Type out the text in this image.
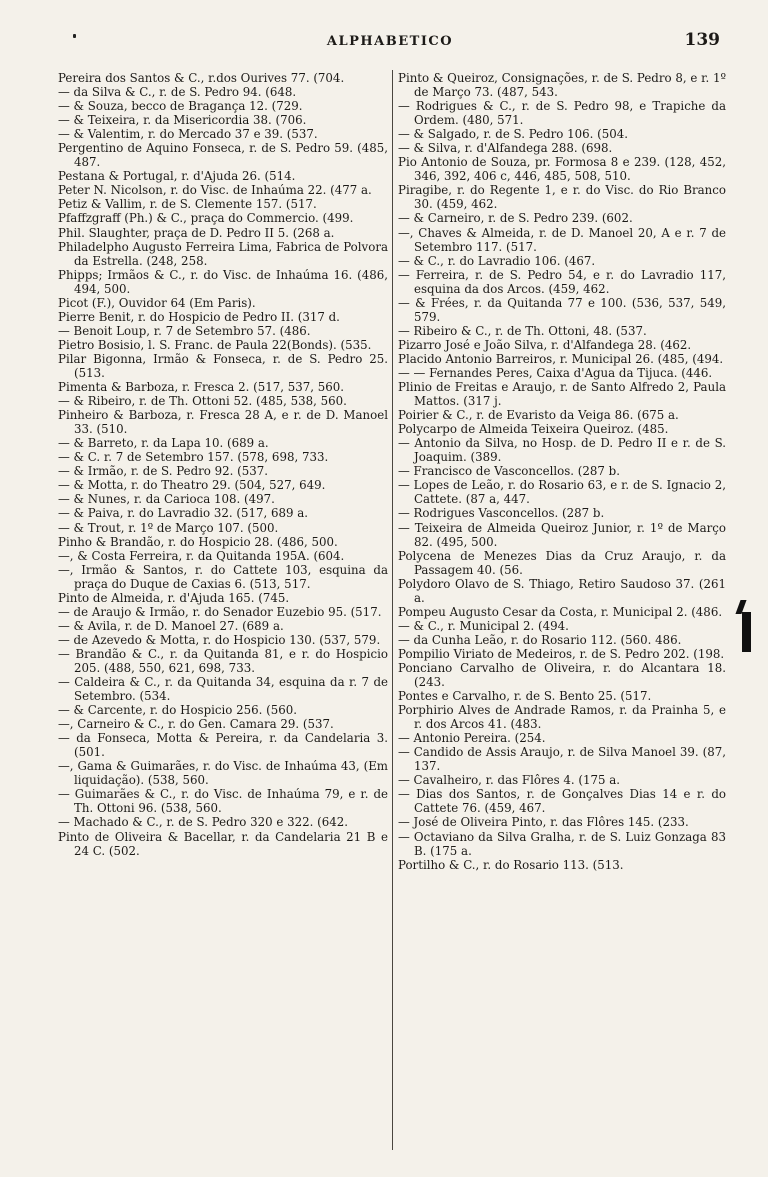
ALPHABETICO	139

Pereira dos Santos & C., r.dos Ourives 77. (704.

— da Silva & C., r. de S. Pedro 94. (648.

— & Souza, becco de Bragança 12. (729.

— & Teixeira, r. da Misericordia 38. (706.

— & Valentim, r. do Mercado 37 e 39. (537.

Pergentino de Aquino Fonseca, r. de S. Pedro 59. (485, 487.

Pestana & Portugal, r. d'Ajuda 26. (514.

Peter N. Nicolson, r. do Visc. de Inhaúma 22. (477 a.

Petiz & Vallim, r. de S. Clemente 157. (517.

Pfaffzgraff (Ph.) & C., praça do Commercio. (499.

Phil. Slaughter, praça de D. Pedro II 5. (268 a.

Philadelpho Augusto Ferreira Lima, Fabrica de Polvora da Estrella. (248, 258.

Phipps; Irmãos & C., r. do Visc. de Inhaúma 16. (486, 494, 500.

Picot (F.), Ouvidor 64 (Em Paris).

Pierre Benit, r. do Hospicio de Pedro II. (317 d.

— Benoit Loup, r. 7 de Setembro 57. (486.

Pietro Bosisio, l. S. Franc. de Paula 22(Bonds). (535.

Pilar Bigonna, Irmão & Fonseca, r. de S. Pedro 25. (513.

Pimenta & Barboza, r. Fresca 2. (517, 537, 560.

— & Ribeiro, r. de Th. Ottoni 52. (485, 538, 560.

Pinheiro & Barboza, r. Fresca 28 A, e r. de D. Manoel 33. (510.

— & Barreto, r. da Lapa 10. (689 a.

— & C. r. 7 de Setembro 157. (578, 698, 733.

— & Irmão, r. de S. Pedro 92. (537.

— & Motta, r. do Theatro 29. (504, 527, 649.

— & Nunes, r. da Carioca 108. (497.

— & Paiva, r. do Lavradio 32. (517, 689 a.

— & Trout, r. 1º de Março 107. (500.

Pinho & Brandão, r. do Hospicio 28. (486, 500.

—, & Costa Ferreira, r. da Quitanda 195A. (604.

—, Irmão & Santos, r. do Cattete 103, esquina da praça do Duque de Caxias 6. (513, 517.

Pinto de Almeida, r. d'Ajuda 165. (745.

— de Araujo & Irmão, r. do Senador Euzebio 95. (517.

— & Avila, r. de D. Manoel 27. (689 a.

— de Azevedo & Motta, r. do Hospicio 130. (537, 579.

— Brandão & C., r. da Quitanda 81, e r. do Hospicio 205. (488, 550, 621, 698, 733.

— Caldeira & C., r. da Quitanda 34, esquina da r. 7 de Setembro. (534.

— & Carcente, r. do Hospicio 256. (560.

—, Carneiro & C., r. do Gen. Camara 29. (537.

— da Fonseca, Motta & Pereira, r. da Candelaria 3. (501.

—, Gama & Guimarães, r. do Visc. de Inhaúma 43, (Em liquidação). (538, 560.

— Guimarães & C., r. do Visc. de Inhaúma 79, e r. de Th. Ottoni 96. (538, 560.

— Machado & C., r. de S. Pedro 320 e 322. (642.

Pinto de Oliveira & Bacellar, r. da Candelaria 21 B e 24 C. (502.

Pinto & Queiroz, Consignações, r. de S. Pedro 8, e r. 1º de Março 73. (487, 543.

— Rodrigues & C., r. de S. Pedro 98, e Trapiche da Ordem. (480, 571.

— & Salgado, r. de S. Pedro 106. (504.

— & Silva, r. d'Alfandega 288. (698.

Pio Antonio de Souza, pr. Formosa 8 e 239. (128, 452, 346, 392, 406 c, 446, 485, 508, 510.

Piragibe, r. do Regente 1, e r. do Visc. do Rio Branco 30. (459, 462.

— & Carneiro, r. de S. Pedro 239. (602.

—, Chaves & Almeida, r. de D. Manoel 20, A e r. 7 de Setembro 117. (517.

— & C., r. do Lavradio 106. (467.

— Ferreira, r. de S. Pedro 54, e r. do Lavradio 117, esquina da dos Arcos. (459, 462.

— & Frées, r. da Quitanda 77 e 100. (536, 537, 549, 579.

— Ribeiro & C., r. de Th. Ottoni, 48. (537.

Pizarro José e João Silva, r. d'Alfandega 28. (462.

Placido Antonio Barreiros, r. Municipal 26. (485, (494.

— — Fernandes Peres, Caixa d'Agua da Tijuca. (446.

Plinio de Freitas e Araujo, r. de Santo Alfredo 2, Paula Mattos. (317 j.

Poirier & C., r. de Evaristo da Veiga 86. (675 a.

Polycarpo de Almeida Teixeira Queiroz. (485.

— Antonio da Silva, no Hosp. de D. Pedro II e r. de S. Joaquim. (389.

— Francisco de Vasconcellos. (287 b.

— Lopes de Leão, r. do Rosario 63, e r. de S. Ignacio 2, Cattete. (87 a, 447.

— Rodrigues Vasconcellos. (287 b.

— Teixeira de Almeida Queiroz Junior, r. 1º de Março 82. (495, 500.

Polycena de Menezes Dias da Cruz Araujo, r. da Passagem 40. (56.

Polydoro Olavo de S. Thiago, Retiro Saudoso 37. (261 a.

Pompeu Augusto Cesar da Costa, r. Municipal 2. (486.

— & C., r. Municipal 2. (494.

— da Cunha Leão, r. do Rosario 112. (560. 486.

Pompilio Viriato de Medeiros, r. de S. Pedro 202. (198.

Ponciano Carvalho de Oliveira, r. do Alcantara 18. (243.

Pontes e Carvalho, r. de S. Bento 25. (517.

Porphirio Alves de Andrade Ramos, r. da Prainha 5, e r. dos Arcos 41. (483.

— Antonio Pereira. (254.

— Candido de Assis Araujo, r. de Silva Manoel 39. (87, 137.

— Cavalheiro, r. das Flôres 4. (175 a.

— Dias dos Santos, r. de Gonçalves Dias 14 e r. do Cattete 76. (459, 467.

— José de Oliveira Pinto, r. das Flôres 145. (233.

— Octaviano da Silva Gralha, r. de S. Luiz Gonzaga 83 B. (175 a.

Portilho & C., r. do Rosario 113. (513.
